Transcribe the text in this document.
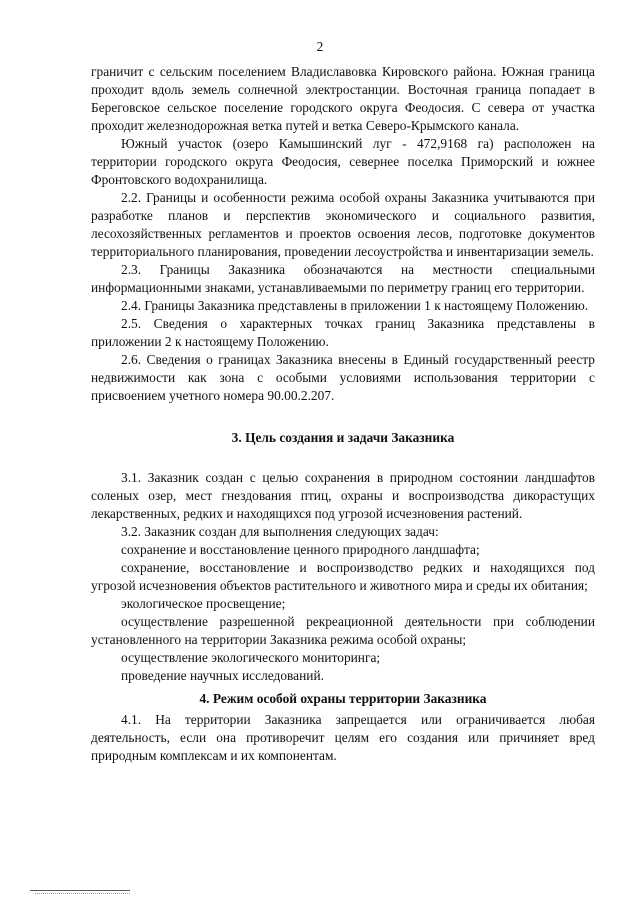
2

граничит с сельским поселением Владиславовка Кировского района. Южная граница проходит вдоль земель солнечной электростанции. Восточная граница попадает в Береговское сельское поселение городского округа Феодосия. С севера от участка проходит железнодорожная ветка путей и ветка Северо-Крымского канала.

Южный участок (озеро Камышинский луг - 472,9168 га) расположен на территории городского округа Феодосия, севернее поселка Приморский и южнее Фронтовского водохранилища.

2.2. Границы и особенности режима особой охраны Заказника учитываются при разработке планов и перспектив экономического и социального развития, лесохозяйственных регламентов и проектов освоения лесов, подготовке документов территориального планирования, проведении лесоустройства и инвентаризации земель.

2.3. Границы Заказника обозначаются на местности специальными информационными знаками, устанавливаемыми по периметру границ его территории.

2.4. Границы Заказника представлены в приложении 1 к настоящему Положению.

2.5. Сведения о характерных точках границ Заказника представлены в приложении 2 к настоящему Положению.

2.6. Сведения о границах Заказника внесены в Единый государственный реестр недвижимости как зона с особыми условиями использования территории с присвоением учетного номера 90.00.2.207.

3. Цель создания и задачи Заказника

3.1. Заказник создан с целью сохранения в природном состоянии ландшафтов соленых озер, мест гнездования птиц, охраны и воспроизводства дикорастущих лекарственных, редких и находящихся под угрозой исчезновения растений.

3.2. Заказник создан для выполнения следующих задач:

сохранение и восстановление ценного природного ландшафта;

сохранение, восстановление и воспроизводство редких и находящихся под угрозой исчезновения объектов растительного и животного мира и среды их обитания;

экологическое просвещение;

осуществление разрешенной рекреационной деятельности при соблюдении установленного на территории Заказника режима особой охраны;

осуществление экологического мониторинга;

проведение научных исследований.

4. Режим особой охраны территории Заказника

4.1. На территории Заказника запрещается или ограничивается любая деятельность, если она противоречит целям его создания или причиняет вред природным комплексам и их компонентам.
